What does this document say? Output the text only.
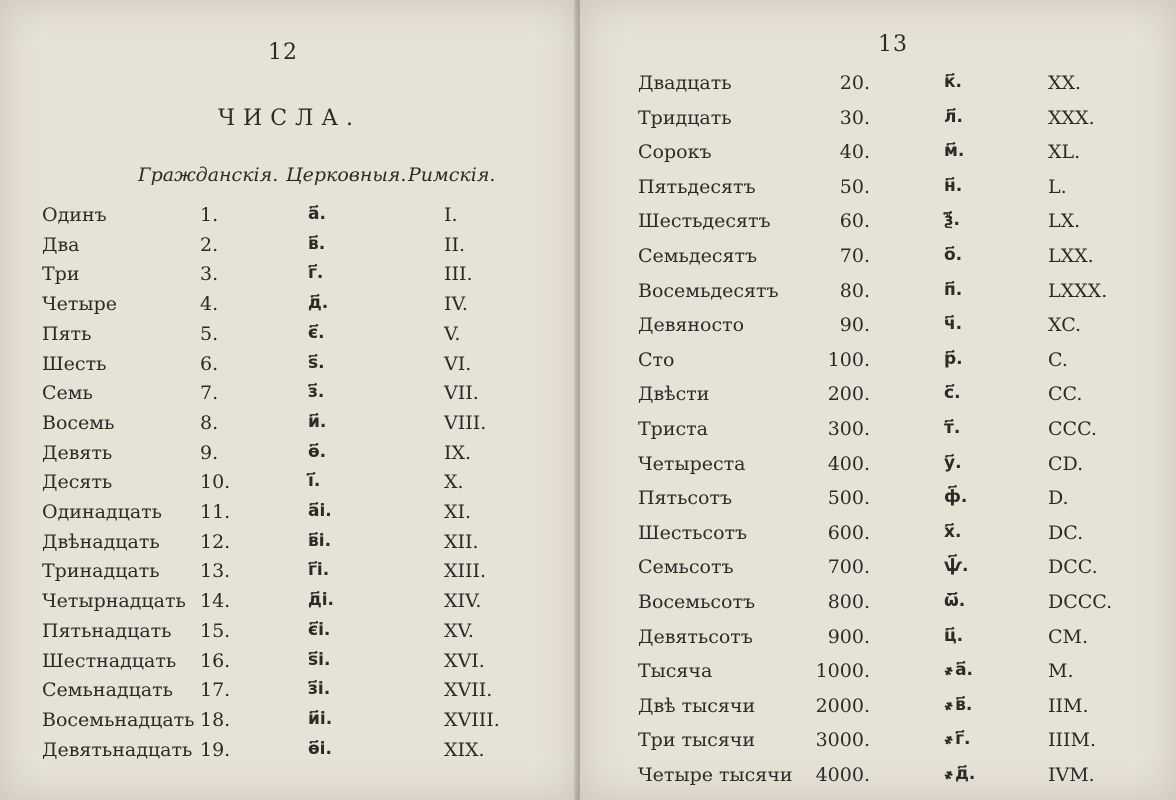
12
ЧИСЛА.
Гражданскія. Церковныя. Римскія.
Одинъ	1.	а҃.	I.
Два	2.	в҃.	II.
Три	3.	г҃.	III.
Четыре	4.	д҃.	IV.
Пять	5.	є҃.	V.
Шесть	6.	ѕ҃.	VI.
Семь	7.	з҃.	VII.
Восемь	8.	и҃.	VIII.
Девять	9.	ѳ҃.	IX.
Десять	10.	і҃.	X.
Одинадцать 11.	а҃і.	XI.
Двѣнадцать 12.	в҃і.	XII.
Тринадцать 13.	г҃і.	XIII.
Четырнадцать 14.	д҃і.	XIV.
Пятьнадцать 15.	є҃і.	XV.
Шестнадцать 16.	ѕ҃і.	XVI.
Семьнадцать 17.	з҃і.	XVII.
Восемьнадцать 18.	и҃і.	XVIII.
Девятьнадцать 19.	ѳ҃і.	XIX.
13
Двадцать	20.	к҃.	XX.
Тридцать	30.	л҃.	XXX.
Сорокъ	40.	м҃.	XL.
Пятьдесятъ	50.	н҃.	L.
Шестьдесятъ	60.	ѯ҃.	LX.
Семьдесятъ	70.	о҃.	LXX.
Восемьдесятъ	80.	п҃.	LXXX.
Девяносто	90.	ч҃.	XC.
Сто	100.	р҃.	C.
Двѣсти	200.	с҃.	CC.
Триста	300.	т҃.	CCC.
Четыреста	400.	у҃.	CD.
Пятьсотъ	500.	ф҃.	D.
Шестьсотъ	600.	х҃.	DC.
Семьсотъ	700.	ѱ҃.	DCC.
Восемьсотъ	800.	ѿ҃.	DCCC.
Девятьсотъ	900.	ц҃.	CM.
Тысяча	1000.	҂а҃.	M.
Двѣ тысячи	2000.	҂в҃.	IIM.
Три тысячи	3000.	҂г҃.	IIIM.
Четыре тысячи 4000.	҂д҃.	IVM.
